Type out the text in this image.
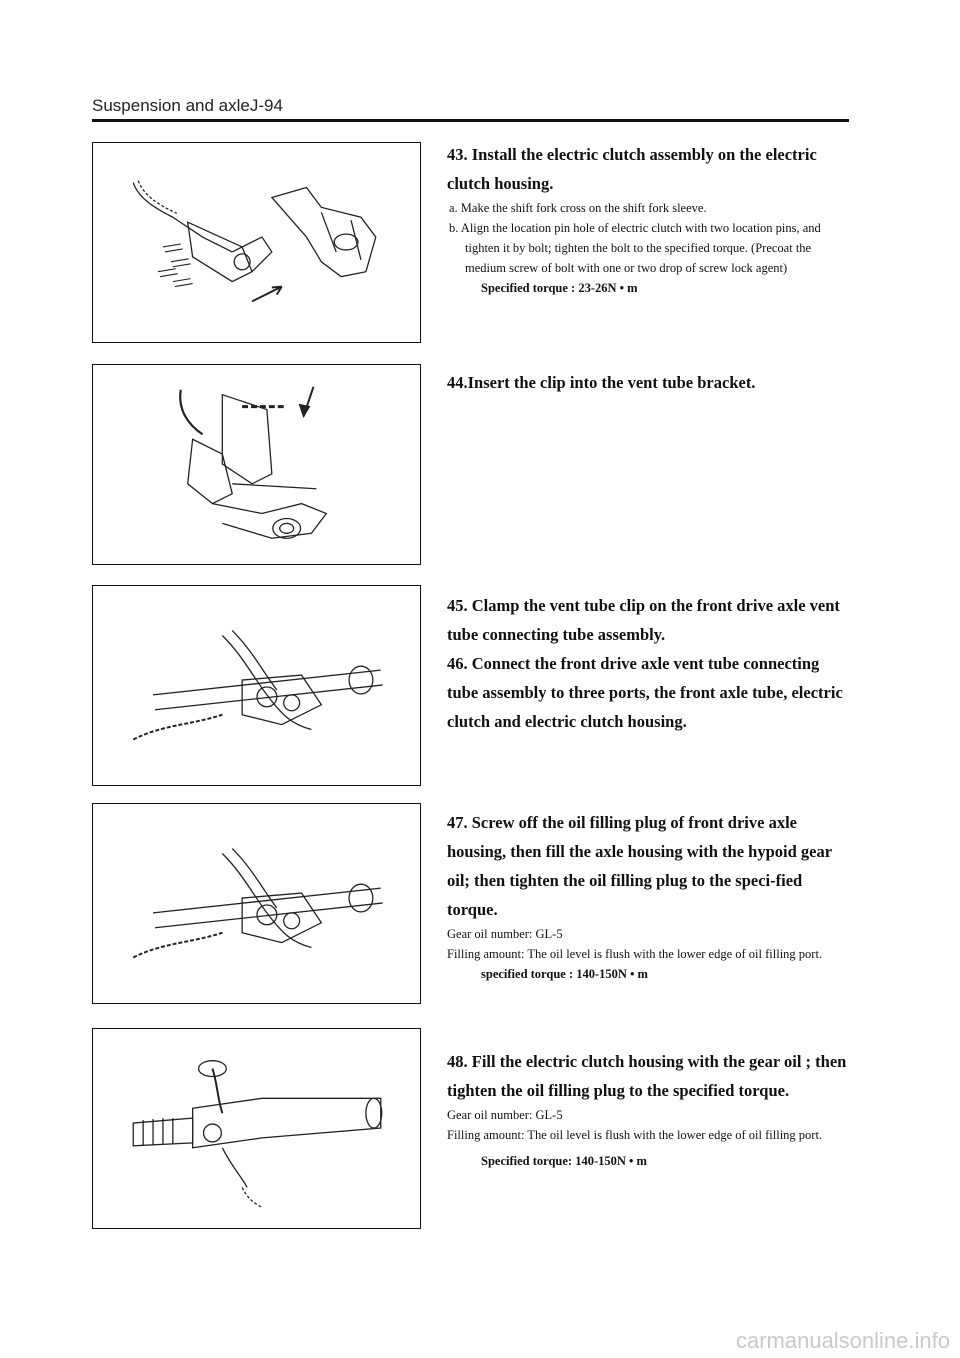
Suspension and axleJ-94

43. Install the electric clutch assembly on the electric clutch housing.

a. Make the shift fork cross on the shift fork sleeve.

b. Align the location pin hole of electric clutch with two location pins, and tighten it by bolt; tighten the bolt to the specified torque. (Precoat the medium screw of bolt with one or two drop of screw lock agent)

Specified torque : 23-26N • m

44.Insert the clip into the vent tube bracket.

45. Clamp the vent tube clip on the front drive axle vent tube connecting tube assembly.

46. Connect the front drive axle vent tube connecting tube assembly to three ports, the front axle tube, electric clutch and electric clutch housing.

47. Screw off the oil filling plug of front drive axle housing, then fill the axle housing with the hypoid gear oil; then tighten the oil filling plug to the speci-fied torque.

Gear oil number: GL-5

Filling amount: The oil level is flush with the lower edge of oil filling port.

specified torque : 140-150N • m

48. Fill the electric clutch housing with the gear oil ; then tighten the oil filling plug to the specified torque.

Gear oil number: GL-5

Filling amount: The oil level is flush with the lower edge of oil filling port.

Specified torque: 140-150N • m

carmanualsonline.info
